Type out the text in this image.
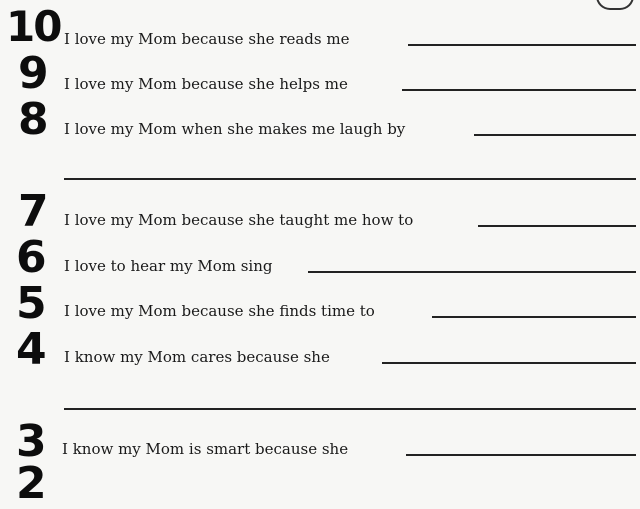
10 I love my Mom because she reads me
9 I love my Mom because she helps me
8 I love my Mom when she makes me laugh by
7 I love my Mom because she taught me how to
6 I love to hear my Mom sing
5 I love my Mom because she finds time to
4 I know my Mom cares because she
3 I know my Mom is smart because she
2
